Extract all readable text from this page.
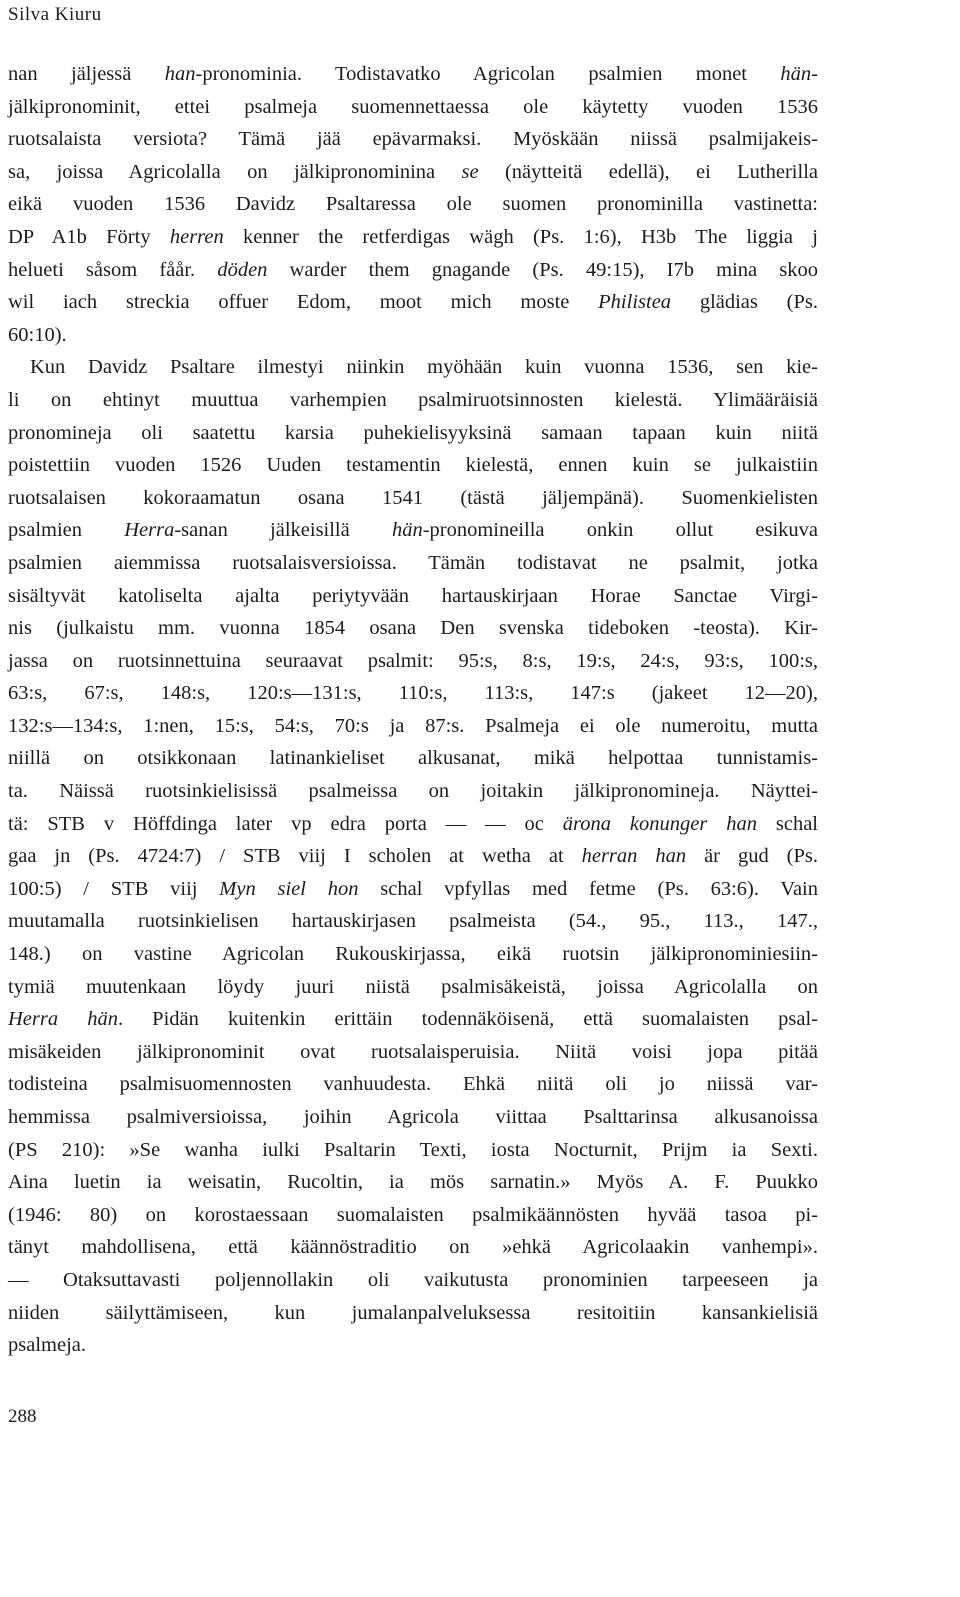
Silva Kiuru
nan jäljessä han-pronominia. Todistavatko Agricolan psalmien monet hän-
jälkipronominit, ettei psalmeja suomennettaessa ole käytetty vuoden 1536
ruotsalaista versiota? Tämä jää epävarmaksi. Myöskään niissä psalmijakeis-
sa, joissa Agricolalla on jälkipronominina se (näytteitä edellä), ei Lutherilla
eikä vuoden 1536 Davidz Psaltaressa ole suomen pronominilla vastinetta:
DP A1b Förty herren kenner the retferdigas wägh (Ps. 1:6), H3b The liggia j
helueti såsom fåår. döden warder them gnagande (Ps. 49:15), I7b mina skoo
wil iach streckia offuer Edom, moot mich moste Philistea glädias (Ps.
60:10).
Kun Davidz Psaltare ilmestyi niinkin myöhään kuin vuonna 1536, sen kie-
li on ehtinyt muuttua varhempien psalmiruotsinnosten kielestä. Ylimääräisiä
pronomineja oli saatettu karsia puhekielisyyksinä samaan tapaan kuin niitä
poistettiin vuoden 1526 Uuden testamentin kielestä, ennen kuin se julkaistiin
ruotsalaisen kokoraamatun osana 1541 (tästä jäljempänä). Suomenkielisten
psalmien Herra-sanan jälkeisillä hän-pronomineilla onkin ollut esikuva
psalmien aiemmissa ruotsalaisversioissa. Tämän todistavat ne psalmit, jotka
sisältyvät katoliselta ajalta periytyvään hartauskirjaan Horae Sanctae Virgi-
nis (julkaistu mm. vuonna 1854 osana Den svenska tideboken -teosta). Kir-
jassa on ruotsinnettuina seuraavat psalmit: 95:s, 8:s, 19:s, 24:s, 93:s, 100:s,
63:s, 67:s, 148:s, 120:s—131:s, 110:s, 113:s, 147:s (jakeet 12—20),
132:s—134:s, 1:nen, 15:s, 54:s, 70:s ja 87:s. Psalmeja ei ole numeroitu, mutta
niillä on otsikkonaan latinankieliset alkusanat, mikä helpottaa tunnistamis-
ta. Näissä ruotsinkielisissä psalmeissa on joitakin jälkipronomineja. Näyttei-
tä: STB v Höffdinga later vp edra porta — — oc ärona konunger han schal
gaa jn (Ps. 4724:7) / STB viij I scholen at wetha at herran han är gud (Ps.
100:5) / STB viij Myn siel hon schal vpfyllas med fetme (Ps. 63:6). Vain
muutamalla ruotsinkielisen hartauskirjasen psalmeista (54., 95., 113., 147.,
148.) on vastine Agricolan Rukouskirjassa, eikä ruotsin jälkipronominiesiin-
tymiä muutenkaan löydy juuri niistä psalmisäkeistä, joissa Agricolalla on
Herra hän. Pidän kuitenkin erittäin todennäköisenä, että suomalaisten psal-
misäkeiden jälkipronominit ovat ruotsalaisperuisia. Niitä voisi jopa pitää
todisteina psalmisuomennosten vanhuudesta. Ehkä niitä oli jo niissä var-
hemmissa psalmiversioissa, joihin Agricola viittaa Psalttarinsa alkusanoissa
(PS 210): »Se wanha iulki Psaltarin Texti, iosta Nocturnit, Prijm ia Sexti.
Aina luetin ia weisatin, Rucoltin, ia mös sarnatin.» Myös A. F. Puukko
(1946: 80) on korostaessaan suomalaisten psalmikäännösten hyvää tasoa pi-
tänyt mahdollisena, että käännöstraditio on »ehkä Agricolaakin vanhempi».
— Otaksuttavasti poljennollakin oli vaikutusta pronominien tarpeeseen ja
niiden säilyttämiseen, kun jumalanpalveluksessa resitoitiin kansankielisiä
psalmeja.
288
